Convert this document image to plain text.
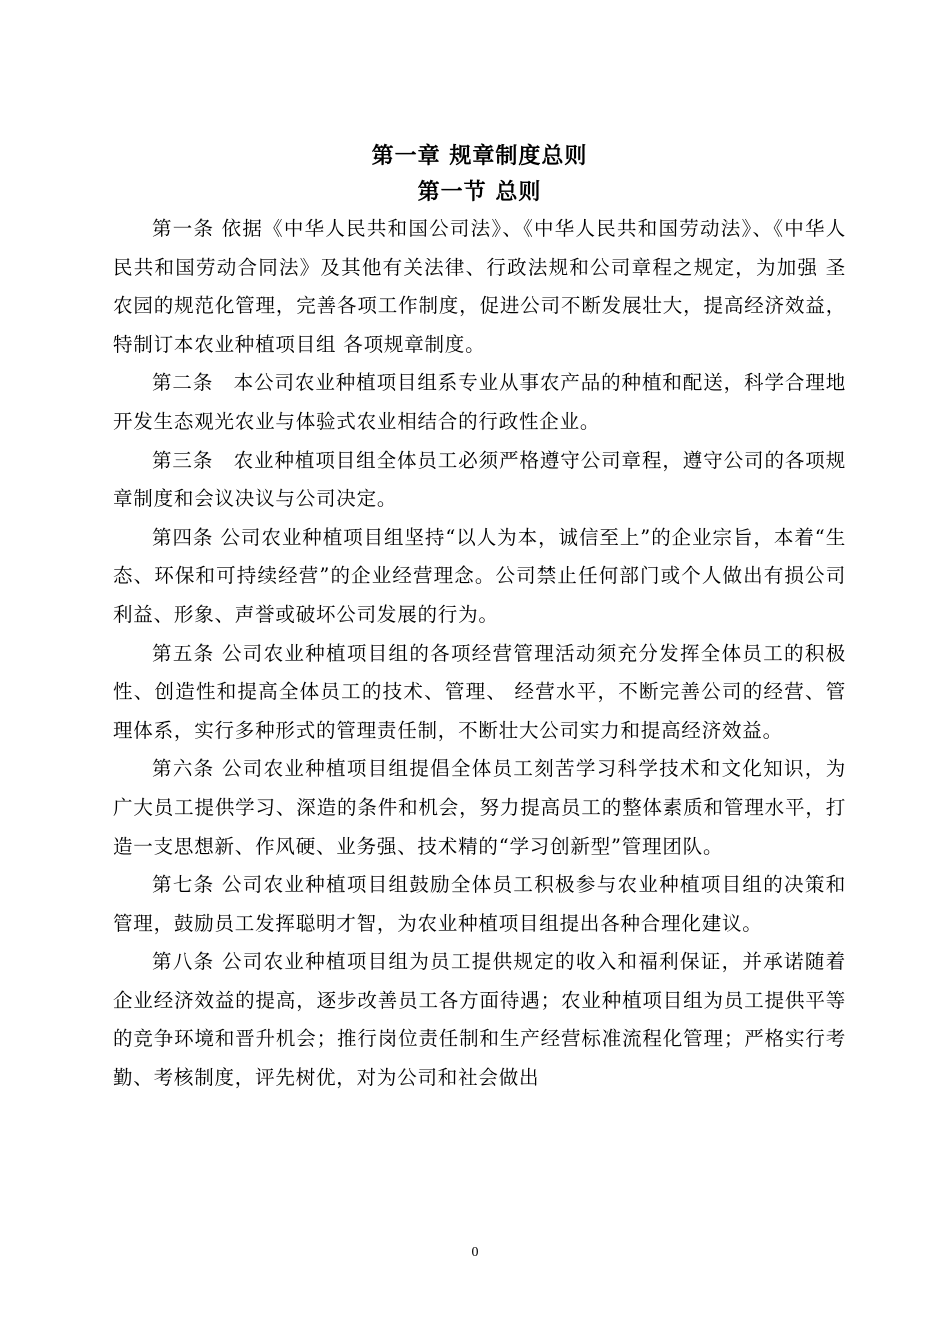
第一章 规章制度总则
第一节 总则

第一条 依据《中华人民共和国公司法》、《中华人民共和国劳动法》、《中华人民共和国劳动合同法》及其他有关法律、行政法规和公司章程之规定，为加强 圣农园的规范化管理，完善各项工作制度，促进公司不断发展壮大，提高经济效益，特制订本农业种植项目组 各项规章制度。

第二条　本公司农业种植项目组系专业从事农产品的种植和配送，科学合理地开发生态观光农业与体验式农业相结合的行政性企业。

第三条　农业种植项目组全体员工必须严格遵守公司章程，遵守公司的各项规章制度和会议决议与公司决定。

第四条 公司农业种植项目组坚持“以人为本，诚信至上”的企业宗旨，本着“生态、环保和可持续经营”的企业经营理念。公司禁止任何部门或个人做出有损公司利益、形象、声誉或破坏公司发展的行为。

第五条 公司农业种植项目组的各项经营管理活动须充分发挥全体员工的积极性、创造性和提高全体员工的技术、管理、 经营水平，不断完善公司的经营、管理体系，实行多种形式的管理责任制，不断壮大公司实力和提高经济效益。

第六条 公司农业种植项目组提倡全体员工刻苦学习科学技术和文化知识，为广大员工提供学习、深造的条件和机会，努力提高员工的整体素质和管理水平，打造一支思想新、作风硬、业务强、技术精的“学习创新型”管理团队。

第七条 公司农业种植项目组鼓励全体员工积极参与农业种植项目组的决策和管理，鼓励员工发挥聪明才智，为农业种植项目组提出各种合理化建议。

第八条 公司农业种植项目组为员工提供规定的收入和福利保证，并承诺随着企业经济效益的提高，逐步改善员工各方面待遇；农业种植项目组为员工提供平等的竞争环境和晋升机会；推行岗位责任制和生产经营标准流程化管理；严格实行考勤、考核制度，评先树优，对为公司和社会做出

0
